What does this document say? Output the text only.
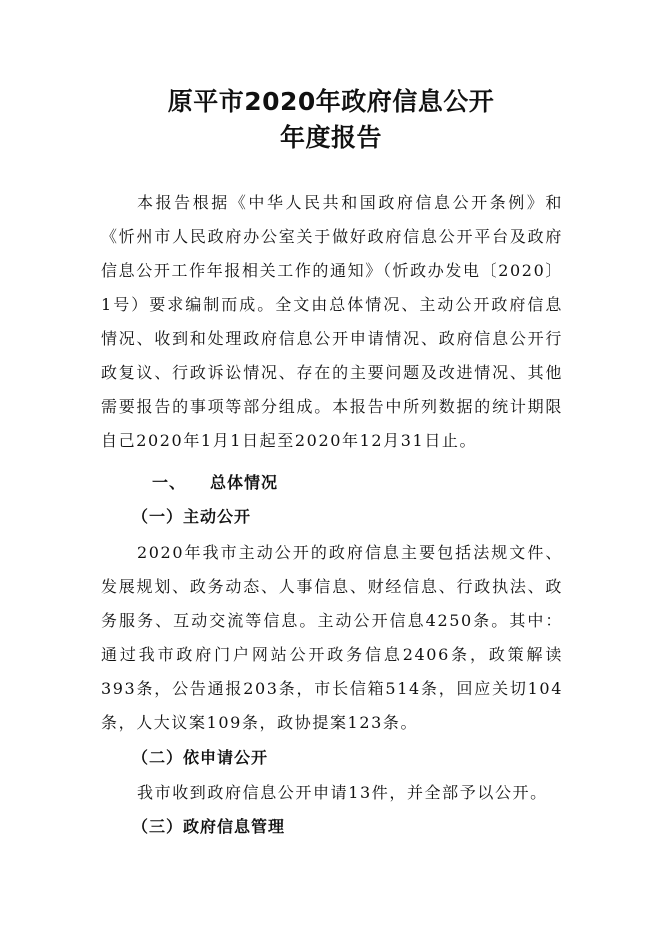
原平市2020年政府信息公开
年度报告

本报告根据《中华人民共和国政府信息公开条例》和《忻州市人民政府办公室关于做好政府信息公开平台及政府信息公开工作年报相关工作的通知》（忻政办发电〔2020〕1号）要求编制而成。全文由总体情况、主动公开政府信息情况、收到和处理政府信息公开申请情况、政府信息公开行政复议、行政诉讼情况、存在的主要问题及改进情况、其他需要报告的事项等部分组成。本报告中所列数据的统计期限自己2020年1月1日起至2020年12月31日止。

一、 总体情况
（一）主动公开

2020年我市主动公开的政府信息主要包括法规文件、发展规划、政务动态、人事信息、财经信息、行政执法、政务服务、互动交流等信息。主动公开信息4250条。其中：通过我市政府门户网站公开政务信息2406条，政策解读393条，公告通报203条，市长信箱514条，回应关切104条，人大议案109条，政协提案123条。

（二）依申请公开

我市收到政府信息公开申请13件，并全部予以公开。

（三）政府信息管理
